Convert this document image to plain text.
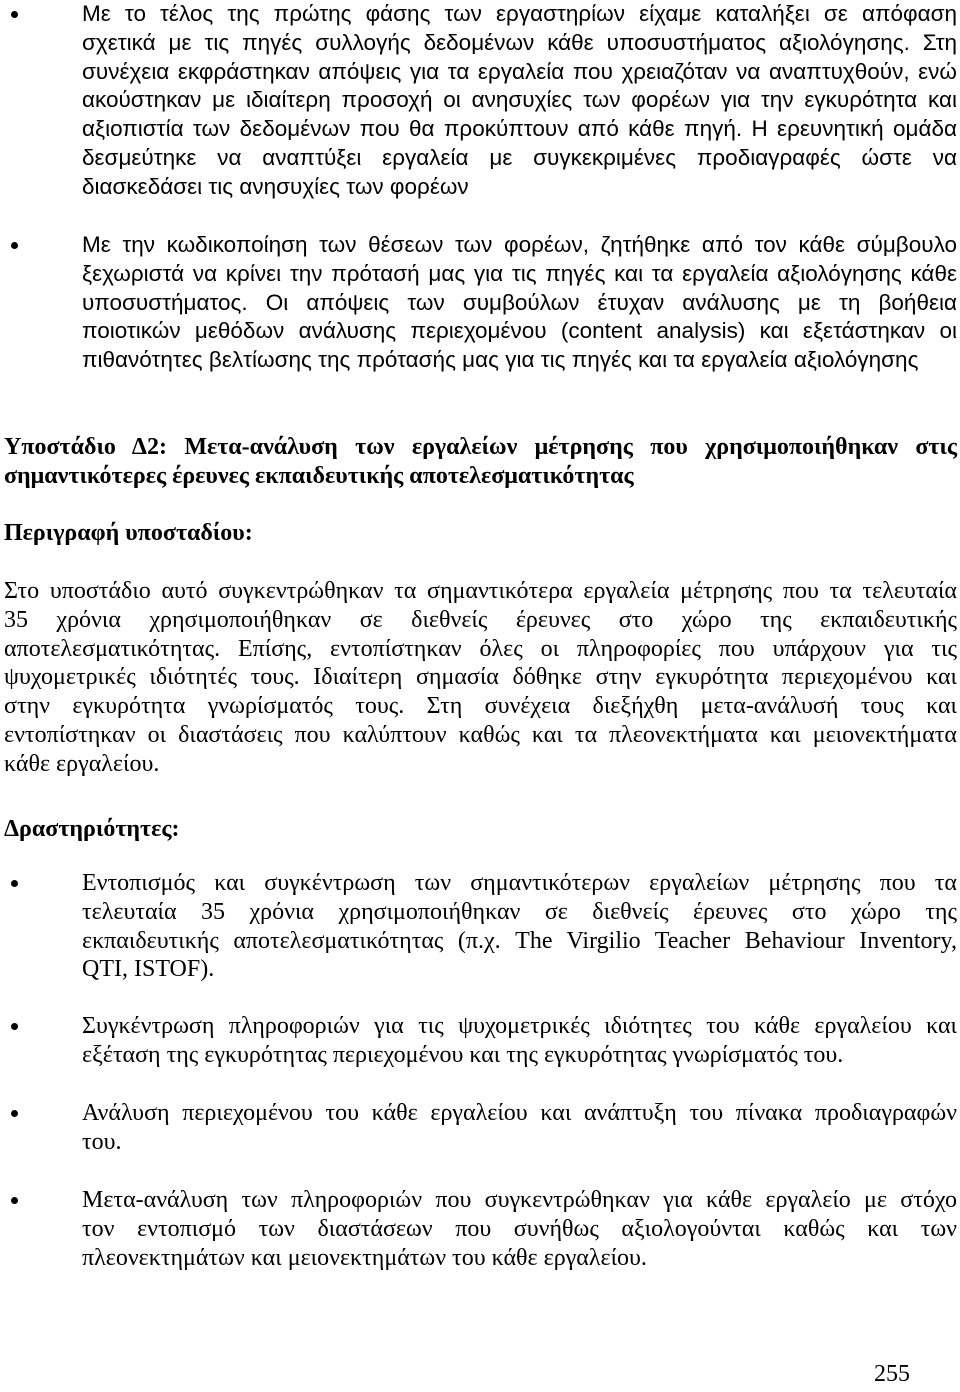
Με το τέλος της πρώτης φάσης των εργαστηρίων είχαμε καταλήξει σε απόφαση
σχετικά με τις πηγές συλλογής δεδομένων κάθε υποσυστήματος αξιολόγησης. Στη
συνέχεια εκφράστηκαν απόψεις για τα εργαλεία που χρειαζόταν να αναπτυχθούν, ενώ
ακούστηκαν με ιδιαίτερη προσοχή οι ανησυχίες των φορέων για την εγκυρότητα και
αξιοπιστία των δεδομένων που θα προκύπτουν από κάθε πηγή. Η ερευνητική ομάδα
δεσμεύτηκε να αναπτύξει εργαλεία με συγκεκριμένες προδιαγραφές ώστε να
διασκεδάσει τις ανησυχίες των φορέων
Με την κωδικοποίηση των θέσεων των φορέων, ζητήθηκε από τον κάθε σύμβουλο
ξεχωριστά να κρίνει την πρότασή μας για τις πηγές και τα εργαλεία αξιολόγησης κάθε
υποσυστήματος. Οι απόψεις των συμβούλων έτυχαν ανάλυσης με τη βοήθεια
ποιοτικών μεθόδων ανάλυσης περιεχομένου (content analysis) και εξετάστηκαν οι
πιθανότητες βελτίωσης της πρότασής μας για τις πηγές και τα εργαλεία αξιολόγησης
Υποστάδιο Δ2: Μετα-ανάλυση των εργαλείων μέτρησης που χρησιμοποιήθηκαν στις
σημαντικότερες έρευνες εκπαιδευτικής αποτελεσματικότητας
Περιγραφή υποσταδίου:
Στο υποστάδιο αυτό συγκεντρώθηκαν τα σημαντικότερα εργαλεία μέτρησης που τα τελευταία
35 χρόνια χρησιμοποιήθηκαν σε διεθνείς έρευνες στο χώρο της εκπαιδευτικής
αποτελεσματικότητας. Επίσης, εντοπίστηκαν όλες οι πληροφορίες που υπάρχουν για τις
ψυχομετρικές ιδιότητές τους. Ιδιαίτερη σημασία δόθηκε στην εγκυρότητα περιεχομένου και
στην εγκυρότητα γνωρίσματός τους. Στη συνέχεια διεξήχθη μετα-ανάλυσή τους και
εντοπίστηκαν οι διαστάσεις που καλύπτουν καθώς και τα πλεονεκτήματα και μειονεκτήματα
κάθε εργαλείου.
Δραστηριότητες:
Εντοπισμός και συγκέντρωση των σημαντικότερων εργαλείων μέτρησης που τα
τελευταία 35 χρόνια χρησιμοποιήθηκαν σε διεθνείς έρευνες στο χώρο της
εκπαιδευτικής αποτελεσματικότητας (π.χ. The Virgilio Teacher Behaviour Inventory,
QTI, ISTOF).
Συγκέντρωση πληροφοριών για τις ψυχομετρικές ιδιότητες του κάθε εργαλείου και
εξέταση της εγκυρότητας περιεχομένου και της εγκυρότητας γνωρίσματός του.
Ανάλυση περιεχομένου του κάθε εργαλείου και ανάπτυξη του πίνακα προδιαγραφών
του.
Μετα-ανάλυση των πληροφοριών που συγκεντρώθηκαν για κάθε εργαλείο με στόχο
τον εντοπισμό των διαστάσεων που συνήθως αξιολογούνται καθώς και των
πλεονεκτημάτων και μειονεκτημάτων του κάθε εργαλείου.
255
